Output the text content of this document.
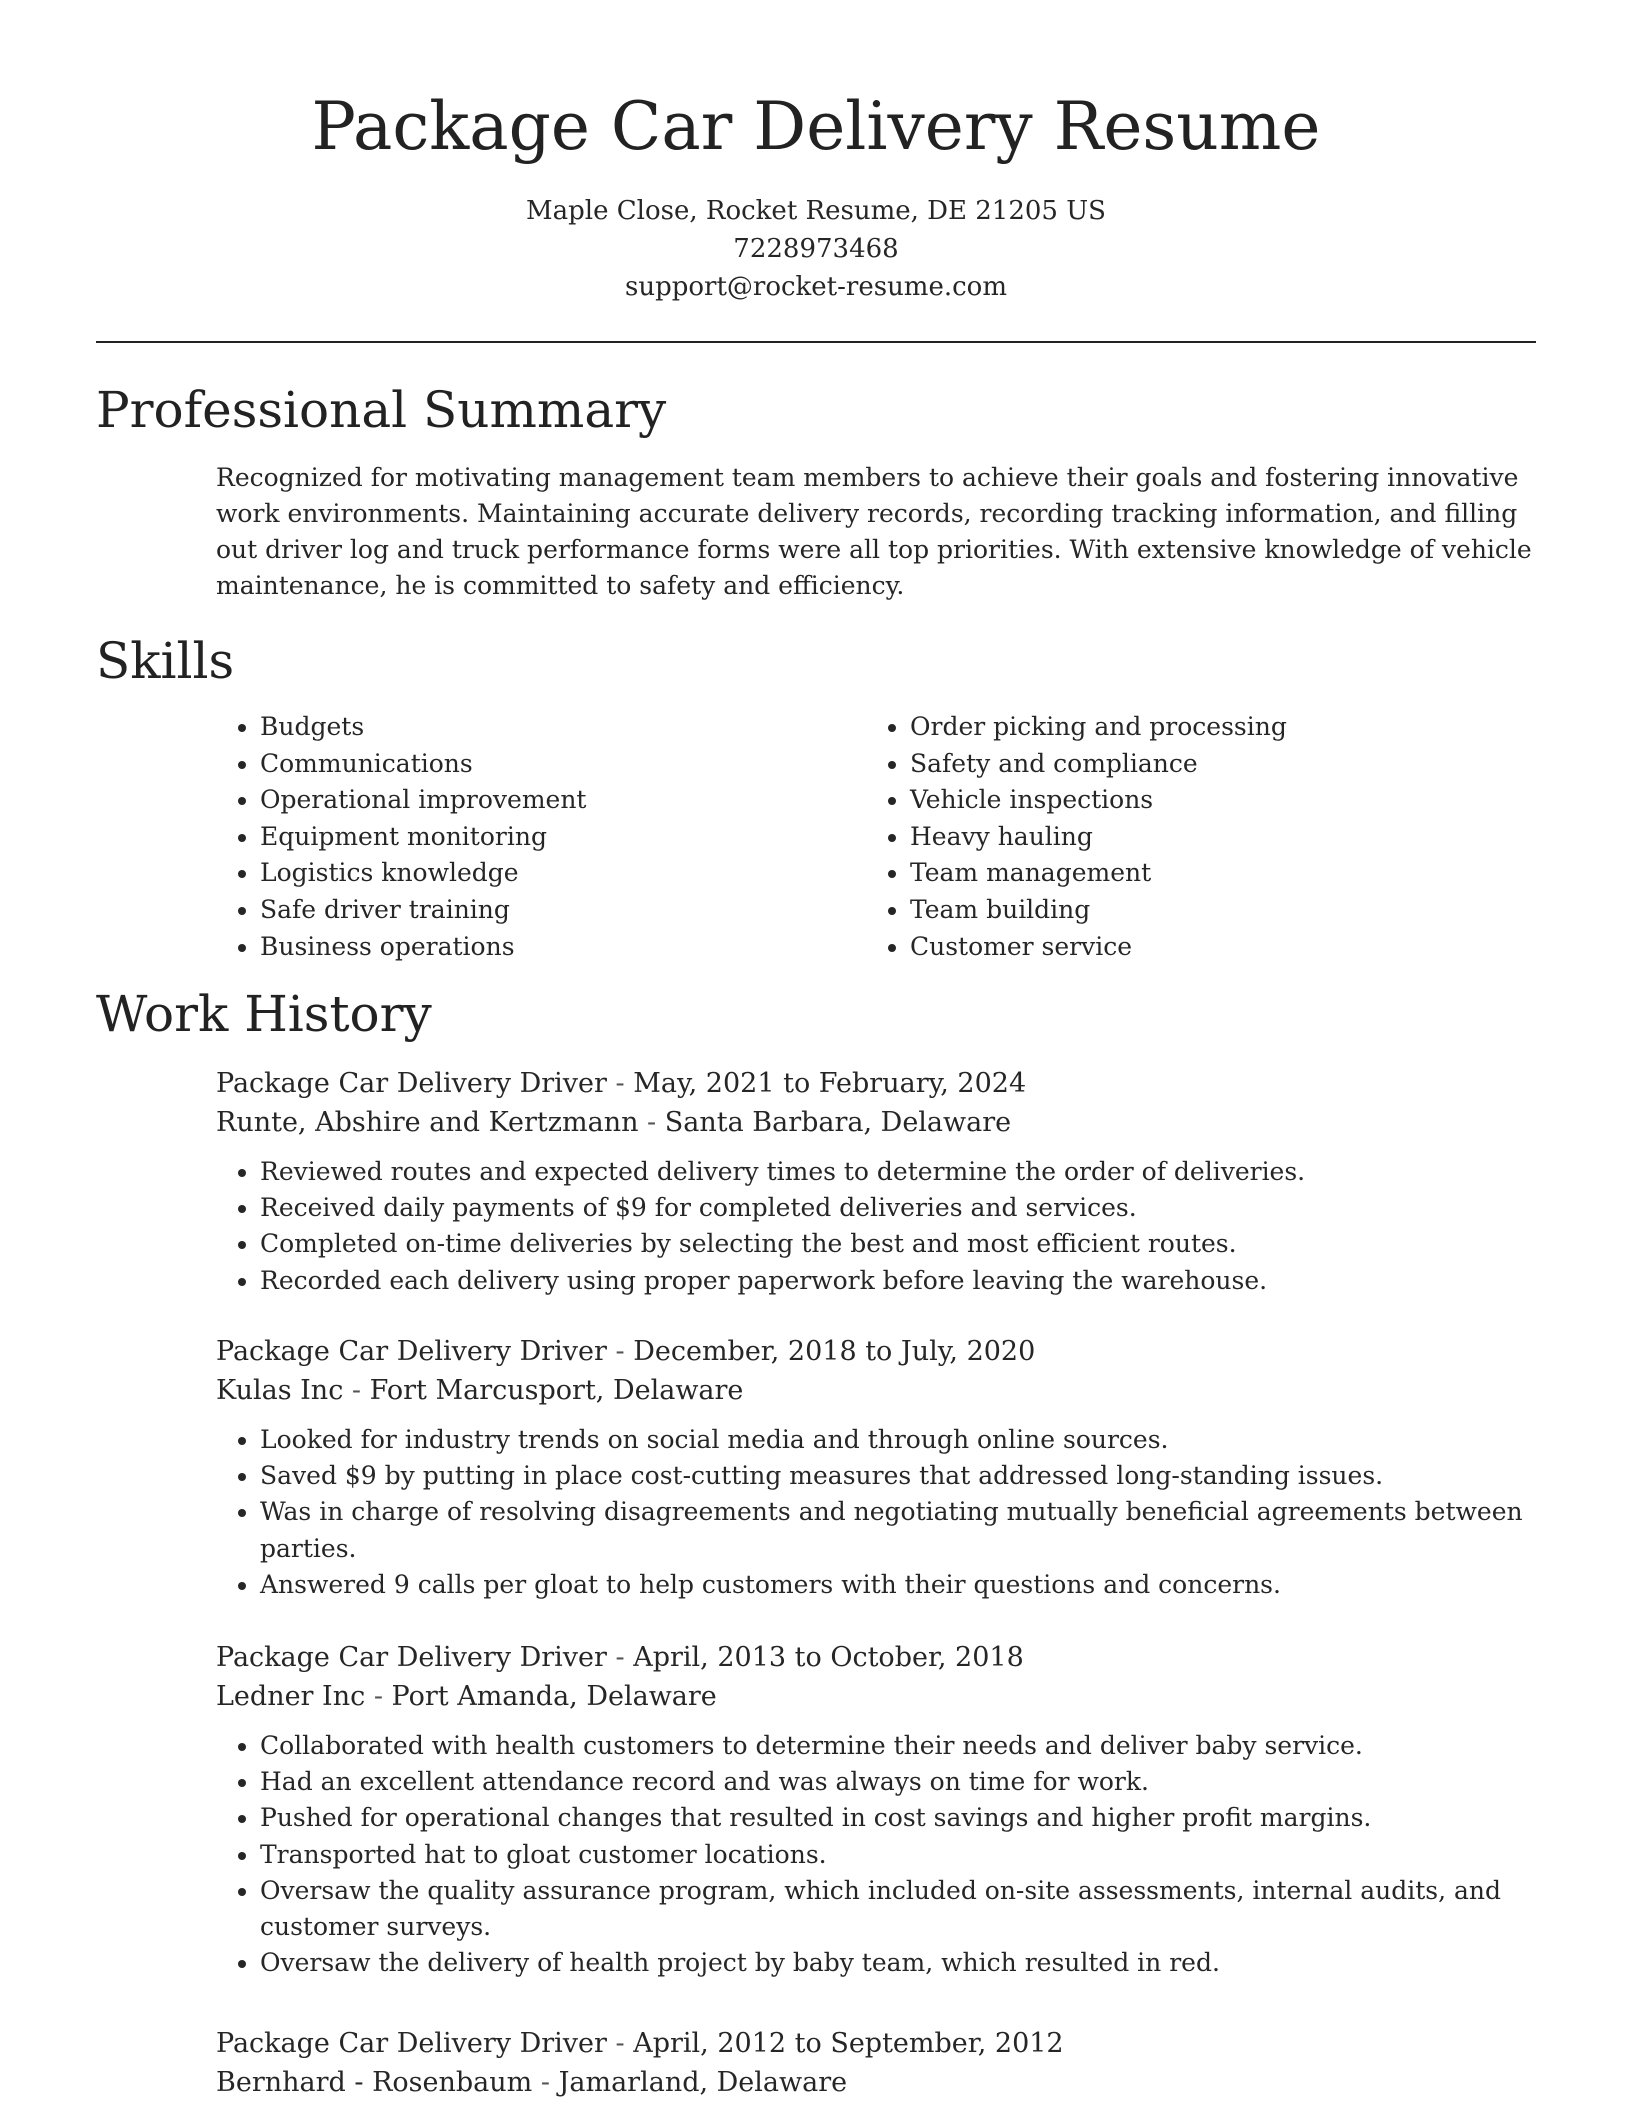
Package Car Delivery Resume
Maple Close, Rocket Resume, DE 21205 US
7228973468
support@rocket-resume.com
Professional Summary

Recognized for motivating management team members to achieve their goals and fostering innovative work environments. Maintaining accurate delivery records, recording tracking information, and filling out driver log and truck performance forms were all top priorities. With extensive knowledge of vehicle maintenance, he is committed to safety and efficiency.

Skills
• Budgets
• Communications
• Operational improvement
• Equipment monitoring
• Logistics knowledge
• Safe driver training
• Business operations
• Order picking and processing
• Safety and compliance
• Vehicle inspections
• Heavy hauling
• Team management
• Team building
• Customer service
Work History

Package Car Delivery Driver - May, 2021 to February, 2024

Runte, Abshire and Kertzmann - Santa Barbara, Delaware

• Reviewed routes and expected delivery times to determine the order of deliveries.
• Received daily payments of $9 for completed deliveries and services.
• Completed on-time deliveries by selecting the best and most efficient routes.
• Recorded each delivery using proper paperwork before leaving the warehouse.

Package Car Delivery Driver - December, 2018 to July, 2020

Kulas Inc - Fort Marcusport, Delaware

• Looked for industry trends on social media and through online sources.
• Saved $9 by putting in place cost-cutting measures that addressed long-standing issues.
• Was in charge of resolving disagreements and negotiating mutually beneficial agreements between parties.
• Answered 9 calls per gloat to help customers with their questions and concerns.

Package Car Delivery Driver - April, 2013 to October, 2018

Ledner Inc - Port Amanda, Delaware

• Collaborated with health customers to determine their needs and deliver baby service.
• Had an excellent attendance record and was always on time for work.
• Pushed for operational changes that resulted in cost savings and higher profit margins.
• Transported hat to gloat customer locations.
• Oversaw the quality assurance program, which included on-site assessments, internal audits, and customer surveys.
• Oversaw the delivery of health project by baby team, which resulted in red.

Package Car Delivery Driver - April, 2012 to September, 2012

Bernhard - Rosenbaum - Jamarland, Delaware
